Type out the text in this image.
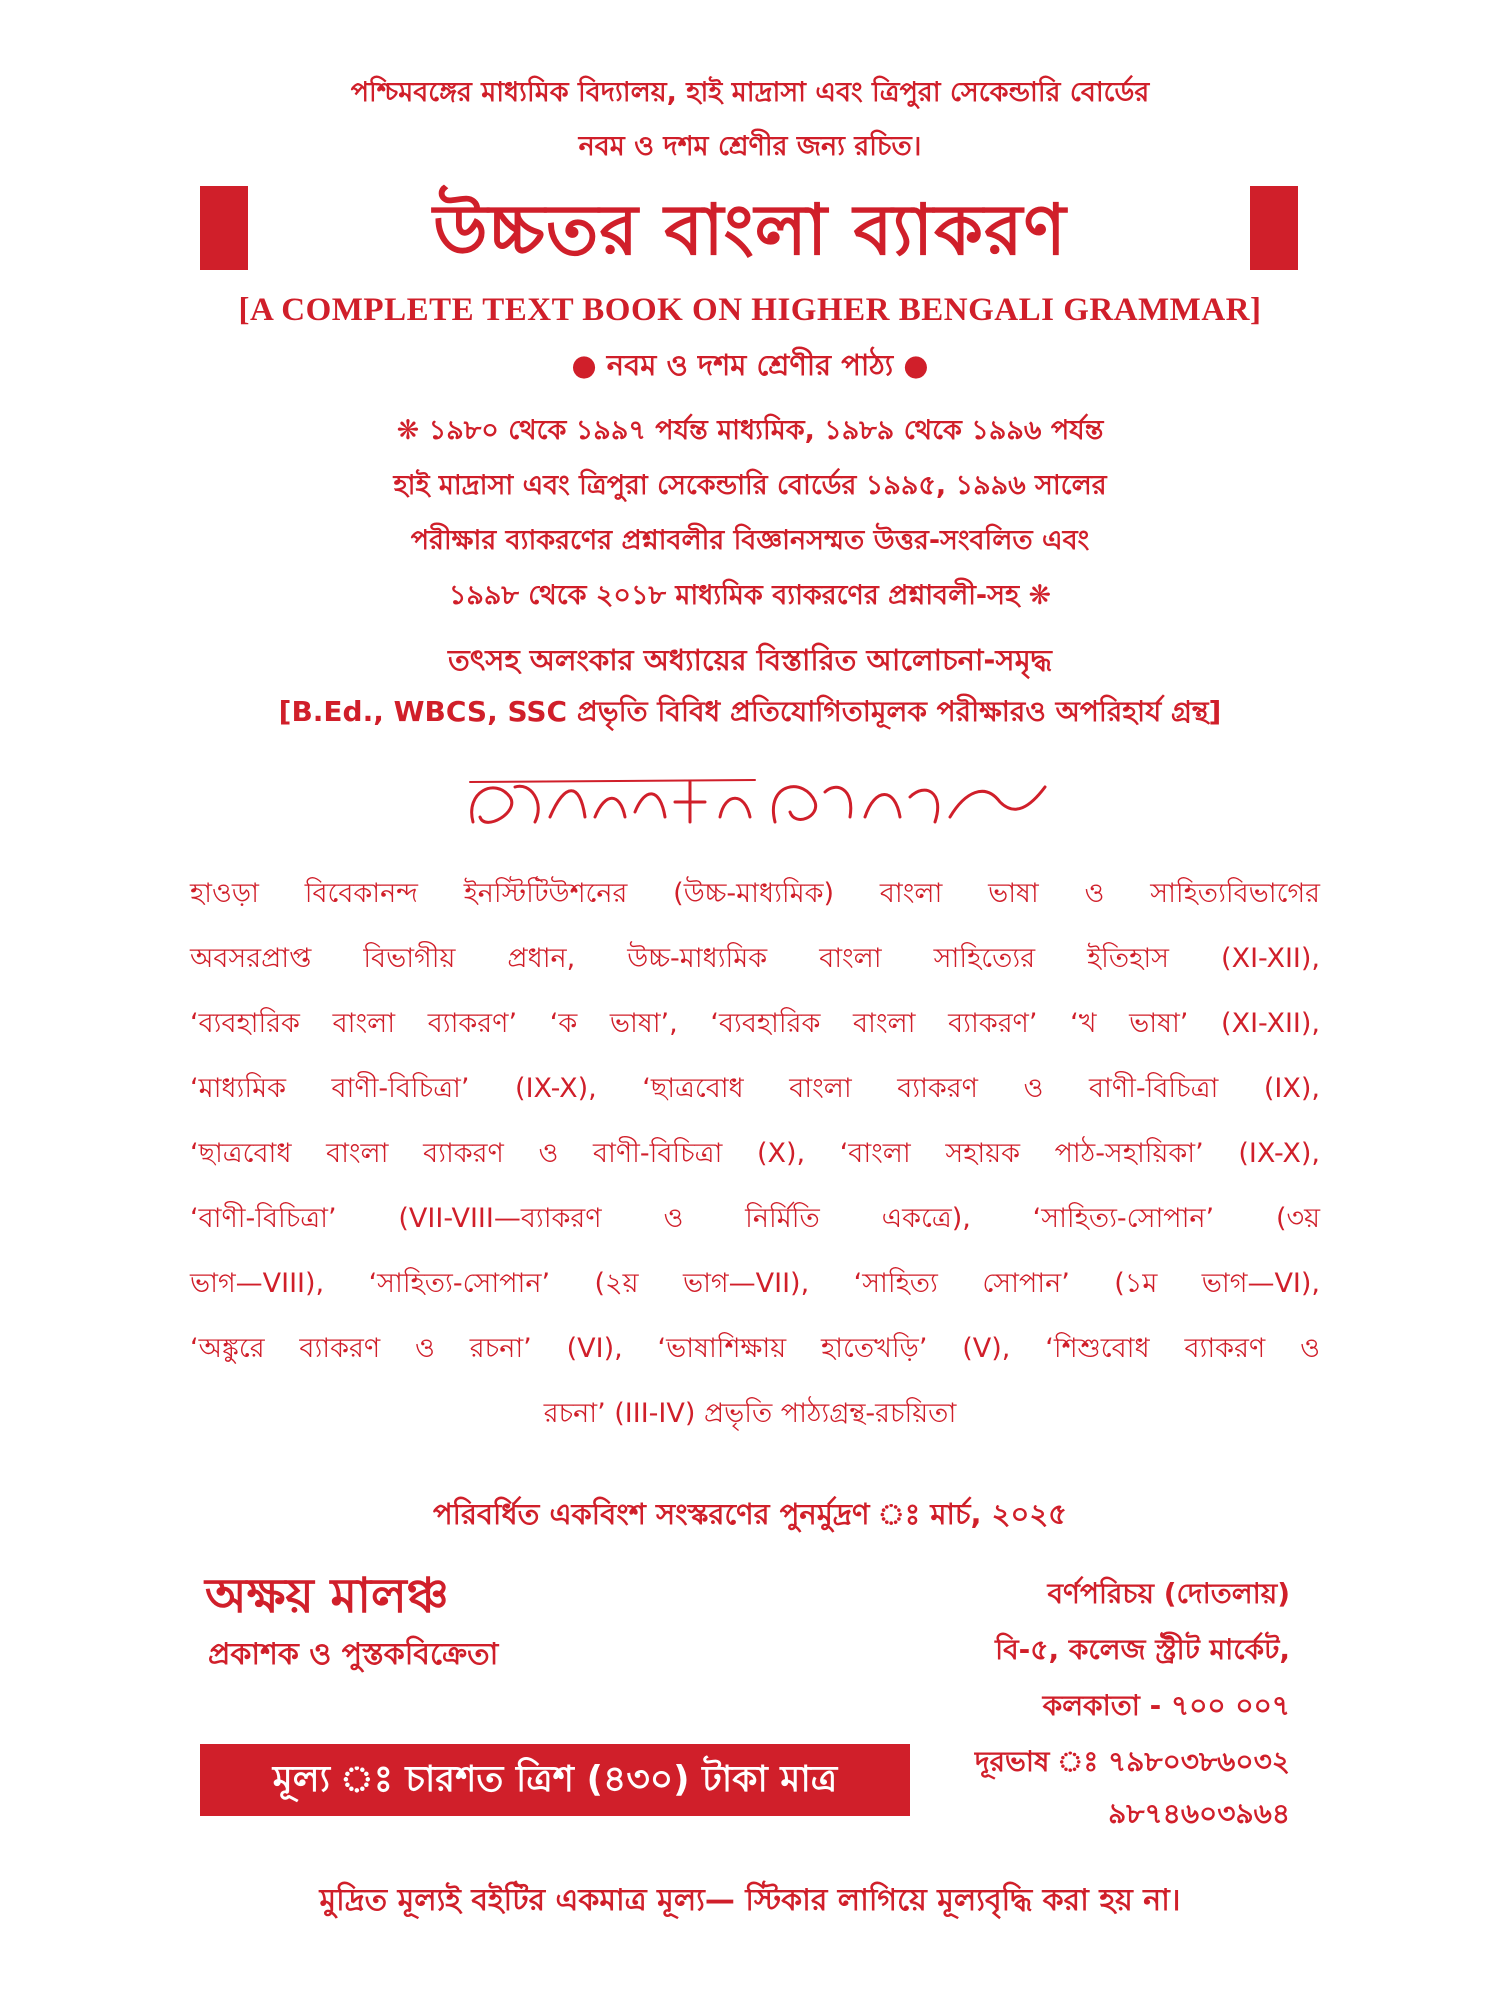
পশ্চিমবঙ্গের মাধ্যমিক বিদ্যালয়, হাই মাদ্রাসা এবং ত্রিপুরা সেকেন্ডারি বোর্ডের
নবম ও দশম শ্রেণীর জন্য রচিত।
উচ্চতর বাংলা ব্যাকরণ
[A COMPLETE TEXT BOOK ON HIGHER BENGALI GRAMMAR]
● নবম ও দশম শ্রেণীর পাঠ্য ●
❋ ১৯৮০ থেকে ১৯৯৭ পর্যন্ত মাধ্যমিক, ১৯৮৯ থেকে ১৯৯৬ পর্যন্ত
হাই মাদ্রাসা এবং ত্রিপুরা সেকেন্ডারি বোর্ডের ১৯৯৫, ১৯৯৬ সালের
পরীক্ষার ব্যাকরণের প্রশ্নাবলীর বিজ্ঞানসম্মত উত্তর-সংবলিত এবং
১৯৯৮ থেকে ২০১৮ মাধ্যমিক ব্যাকরণের প্রশ্নাবলী-সহ ❋
তৎসহ অলংকার অধ্যায়ের বিস্তারিত আলোচনা-সমৃদ্ধ
[B.Ed., WBCS, SSC প্রভৃতি বিবিধ প্রতিযোগিতামূলক পরীক্ষারও অপরিহার্য গ্রন্থ]
হাওড়া বিবেকানন্দ ইনস্টিটিউশনের (উচ্চ-মাধ্যমিক) বাংলা ভাষা ও সাহিত্যবিভাগের
অবসরপ্রাপ্ত বিভাগীয় প্রধান, উচ্চ-মাধ্যমিক বাংলা সাহিত্যের ইতিহাস (XI-XII),
‘ব্যবহারিক বাংলা ব্যাকরণ’ ‘ক ভাষা’, ‘ব্যবহারিক বাংলা ব্যাকরণ’ ‘খ ভাষা’ (XI-XII),
‘মাধ্যমিক বাণী-বিচিত্রা’ (IX-X), ‘ছাত্রবোধ বাংলা ব্যাকরণ ও বাণী-বিচিত্রা (IX),
‘ছাত্রবোধ বাংলা ব্যাকরণ ও বাণী-বিচিত্রা (X), ‘বাংলা সহায়ক পাঠ-সহায়িকা’ (IX-X),
‘বাণী-বিচিত্রা’ (VII-VIII—ব্যাকরণ ও নির্মিতি একত্রে), ‘সাহিত্য-সোপান’ (৩য়
ভাগ—VIII), ‘সাহিত্য-সোপান’ (২য় ভাগ—VII), ‘সাহিত্য সোপান’ (১ম ভাগ—VI),
‘অঙ্কুরে ব্যাকরণ ও রচনা’ (VI), ‘ভাষাশিক্ষায় হাতেখড়ি’ (V), ‘শিশুবোধ ব্যাকরণ ও
রচনা’ (III-IV) প্রভৃতি পাঠ্যগ্রন্থ-রচয়িতা
পরিবর্ধিত একবিংশ সংস্করণের পুনর্মুদ্রণ ঃ মার্চ, ২০২৫
অক্ষয় মালঞ্চ
প্রকাশক ও পুস্তকবিক্রেতা
বর্ণপরিচয় (দোতলায়)
বি-৫, কলেজ স্ট্রীট মার্কেট,
কলকাতা - ৭০০ ০০৭
দূরভাষ ঃ ৭৯৮০৩৮৬০৩২
৯৮৭৪৬০৩৯৬৪
মূল্য ঃ চারশত ত্রিশ (৪৩০) টাকা মাত্র
মুদ্রিত মূল্যই বইটির একমাত্র মূল্য— স্টিকার লাগিয়ে মূল্যবৃদ্ধি করা হয় না।
